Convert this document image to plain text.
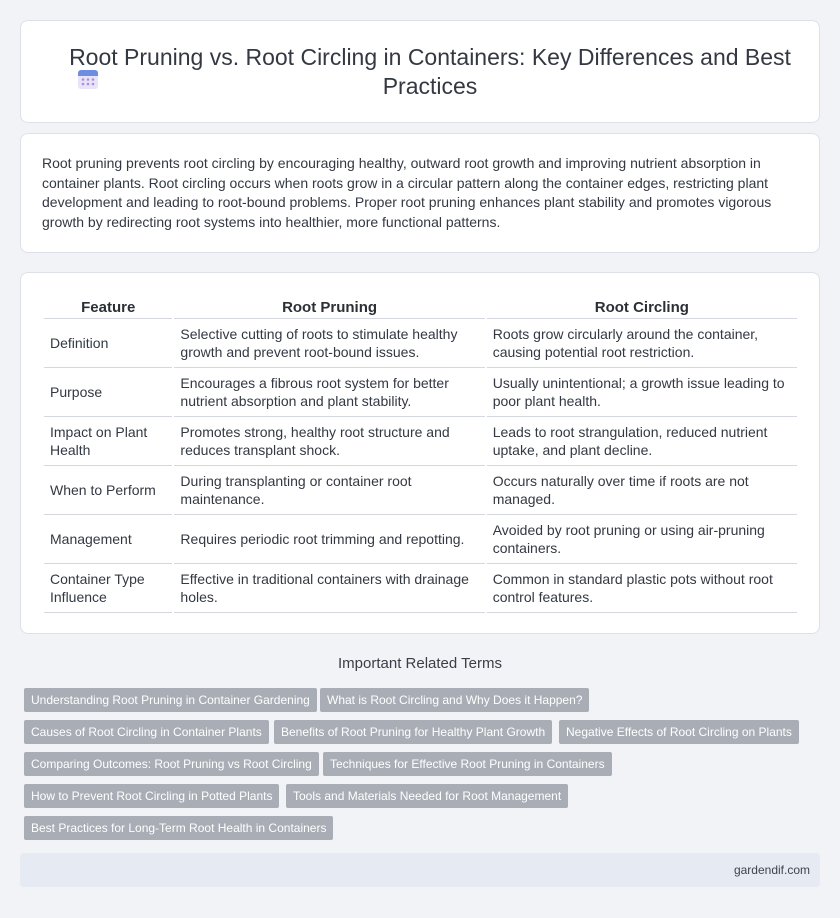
Root Pruning vs. Root Circling in Containers: Key Differences and Best Practices

Root pruning prevents root circling by encouraging healthy, outward root growth and improving nutrient absorption in container plants. Root circling occurs when roots grow in a circular pattern along the container edges, restricting plant development and leading to root-bound problems. Proper root pruning enhances plant stability and promotes vigorous growth by redirecting root systems into healthier, more functional patterns.

Feature	Root Pruning	Root Circling
Definition	Selective cutting of roots to stimulate healthy growth and prevent root-bound issues.	Roots grow circularly around the container, causing potential root restriction.
Purpose	Encourages a fibrous root system for better nutrient absorption and plant stability.	Usually unintentional; a growth issue leading to poor plant health.
Impact on Plant Health	Promotes strong, healthy root structure and reduces transplant shock.	Leads to root strangulation, reduced nutrient uptake, and plant decline.
When to Perform	During transplanting or container root maintenance.	Occurs naturally over time if roots are not managed.
Management	Requires periodic root trimming and repotting.	Avoided by root pruning or using air-pruning containers.
Container Type Influence	Effective in traditional containers with drainage holes.	Common in standard plastic pots without root control features.
Important Related Terms
Understanding Root Pruning in Container Gardening	What is Root Circling and Why Does it Happen?
Causes of Root Circling in Container Plants	Benefits of Root Pruning for Healthy Plant Growth	Negative Effects of Root Circling on Plants
Comparing Outcomes: Root Pruning vs Root Circling	Techniques for Effective Root Pruning in Containers
How to Prevent Root Circling in Potted Plants	Tools and Materials Needed for Root Management
Best Practices for Long-Term Root Health in Containers
gardendif.com
